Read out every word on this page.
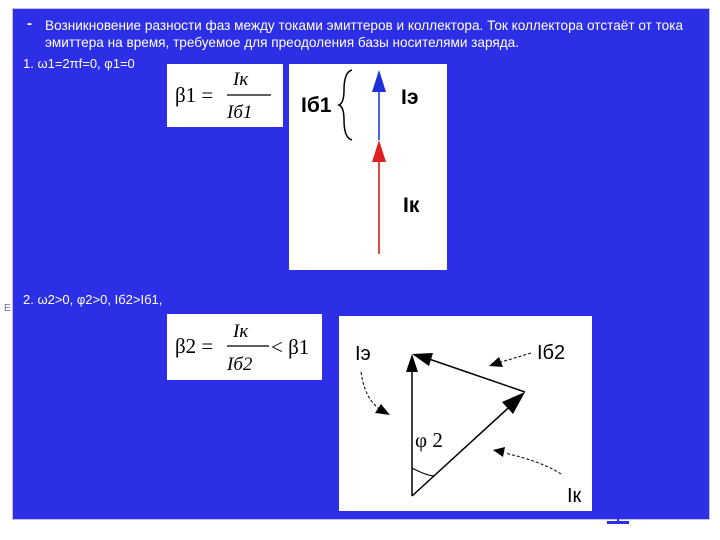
- Возникновение разности фаз между токами эмиттеров и коллектора. Ток коллектора отстаёт от тока эмиттера на время, требуемое для преодоления базы носителями заряда.
1. ω1=2πf=0, φ1=0
β1 =
Iк
Iб1 Iб1	Iэ
Iк
2. ω2>0, φ2>0, Iб2>Iб1,
β2 =
Iк
Iб2
< β1
φ 2
Iэ	Iб2
Iк
Е
